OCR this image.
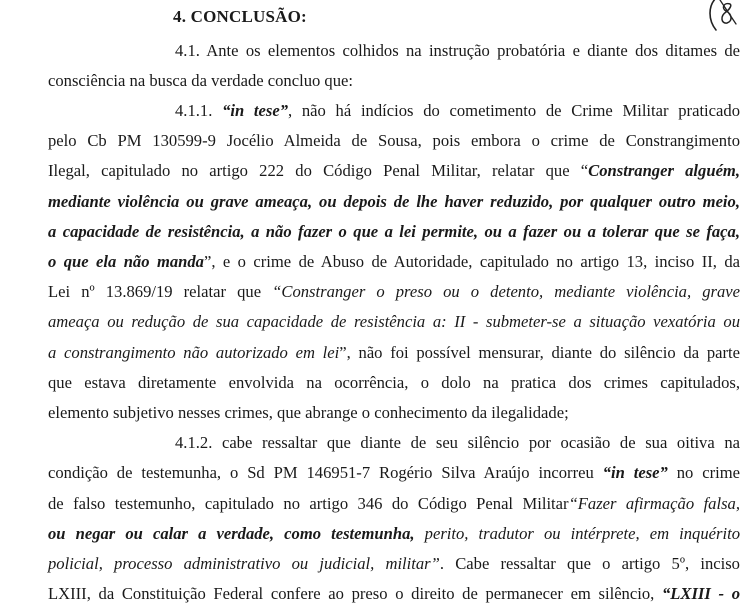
4. CONCLUSÃO:
4.1. Ante os elementos colhidos na instrução probatória e diante dos ditames de
consciência na busca da verdade concluo que:
4.1.1. “in tese”, não há indícios do cometimento de Crime Militar praticado
pelo Cb PM 130599-9 Jocélio Almeida de Sousa, pois embora o crime de Constrangimento
Ilegal, capitulado no artigo 222 do Código Penal Militar, relatar que “Constranger alguém,
mediante violência ou grave ameaça, ou depois de lhe haver reduzido, por qualquer outro meio,
a capacidade de resistência, a não fazer o que a lei permite, ou a fazer ou a tolerar que se faça,
o que ela não manda”, e o crime de Abuso de Autoridade, capitulado no artigo 13, inciso II, da
Lei nº 13.869/19 relatar que “Constranger o preso ou o detento, mediante violência, grave
ameaça ou redução de sua capacidade de resistência a: II - submeter-se a situação vexatória ou
a constrangimento não autorizado em lei”, não foi possível mensurar, diante do silêncio da parte
que estava diretamente envolvida na ocorrência, o dolo na pratica dos crimes capitulados,
elemento subjetivo nesses crimes, que abrange o conhecimento da ilegalidade;
4.1.2. cabe ressaltar que diante de seu silêncio por ocasião de sua oitiva na
condição de testemunha, o Sd PM 146951-7 Rogério Silva Araújo incorreu “in tese” no crime
de falso testemunho, capitulado no artigo 346 do Código Penal Militar“Fazer afirmação falsa,
ou negar ou calar a verdade, como testemunha, perito, tradutor ou intérprete, em inquérito
policial, processo administrativo ou judicial, militar”. Cabe ressaltar que o artigo 5º, inciso
LXIII, da Constituição Federal confere ao preso o direito de permanecer em silêncio, “LXIII - o
